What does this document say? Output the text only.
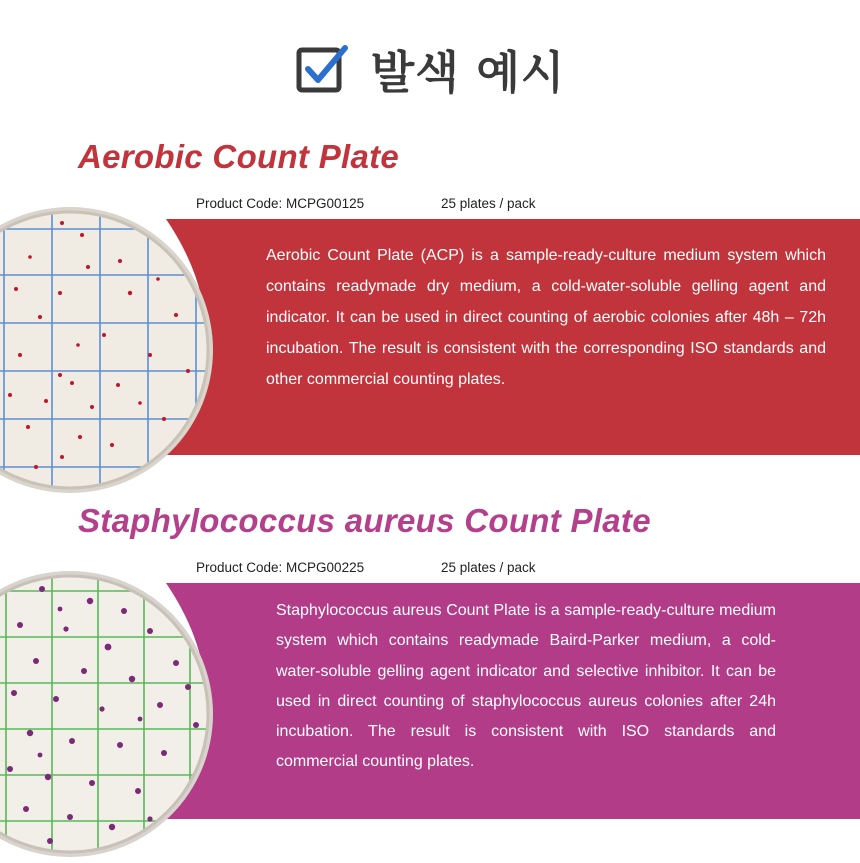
발색 예시
Aerobic Count Plate
Product Code: MCPG00125	25 plates / pack

Aerobic Count Plate (ACP) is a sample-ready-culture medium system which contains readymade dry medium, a cold-water-soluble gelling agent and indicator. It can be used in direct counting of aerobic colonies after 48h – 72h incubation. The result is consistent with the corresponding ISO standards and other commercial counting plates.

Staphylococcus aureus Count Plate
Product Code: MCPG00225	25 plates / pack

Staphylococcus aureus Count Plate is a sample-ready-culture medium system which contains readymade Baird-Parker medium, a cold-water-soluble gelling agent indicator and selective inhibitor. It can be used in direct counting of staphylococcus aureus colonies after 24h incubation. The result is consistent with ISO standards and commercial counting plates.
